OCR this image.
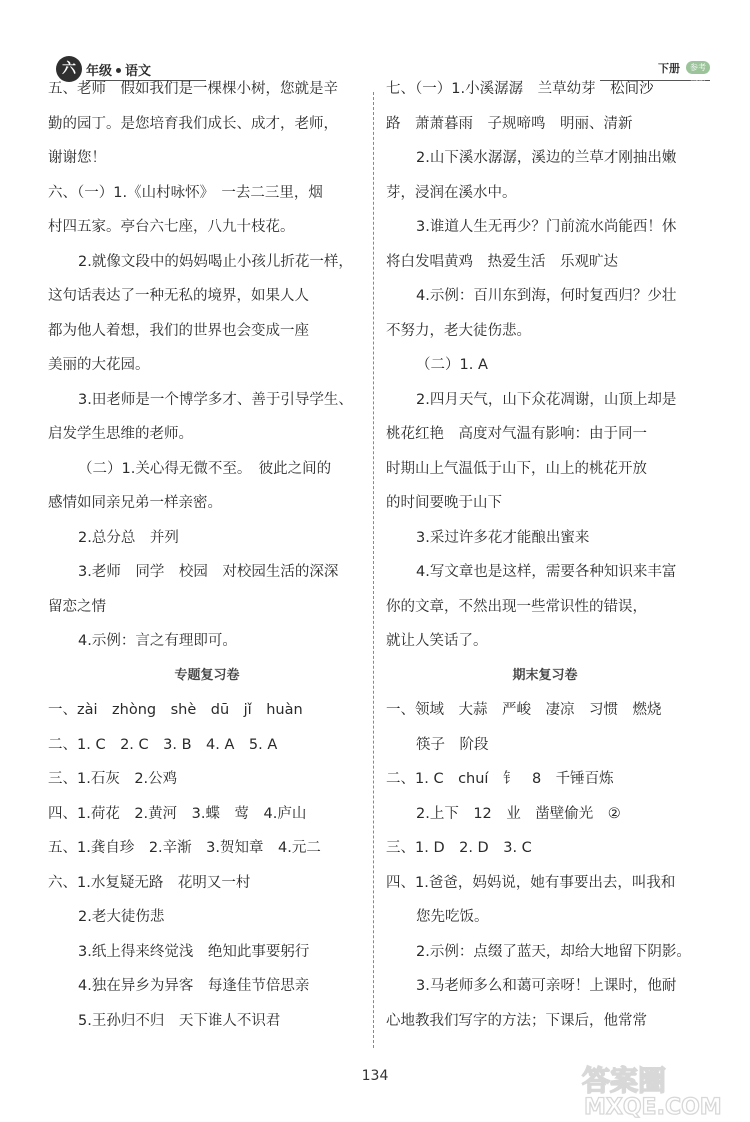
六 年级 语文	下册	参考答案
五、老师　假如我们是一棵棵小树，您就是辛
勤的园丁。是您培育我们成长、成才，老师，
谢谢您！
六、（一）1.《山村咏怀》　一去二三里，烟
村四五家。亭台六七座，八九十枝花。
2.就像文段中的妈妈喝止小孩儿折花一样，
这句话表达了一种无私的境界，如果人人
都为他人着想，我们的世界也会变成一座
美丽的大花园。
3.田老师是一个博学多才、善于引导学生、
启发学生思维的老师。
（二）1.关心得无微不至。　彼此之间的
感情如同亲兄弟一样亲密。
2.总分总　并列
3.老师　同学　校园　对校园生活的深深
留恋之情
4.示例：言之有理即可。
专题复习卷
一、zài　zhòng　shè　dū　jǐ　huàn
二、1. C　2. C　3. B　4. A　5. A
三、1.石灰　2.公鸡
四、1.荷花　2.黄河　3.蝶　莺　4.庐山
五、1.龚自珍　2.辛渐　3.贺知章　4.元二
六、1.水复疑无路　花明又一村
2.老大徒伤悲
3.纸上得来终觉浅　绝知此事要躬行
4.独在异乡为异客　每逢佳节倍思亲
5.王孙归不归　天下谁人不识君
七、（一）1.小溪潺潺　兰草幼芽　松间沙
路　萧萧暮雨　子规啼鸣　明丽、清新
2.山下溪水潺潺，溪边的兰草才刚抽出嫩
芽，浸润在溪水中。
3.谁道人生无再少？门前流水尚能西！休
将白发唱黄鸡　热爱生活　乐观旷达
4.示例：百川东到海，何时复西归？少壮
不努力，老大徒伤悲。
（二）1. A
2.四月天气，山下众花凋谢，山顶上却是
桃花红艳　高度对气温有影响：由于同一
时期山上气温低于山下，山上的桃花开放
的时间要晚于山下
3.采过许多花才能酿出蜜来
4.写文章也是这样，需要各种知识来丰富
你的文章，不然出现一些常识性的错误，
就让人笑话了。
期末复习卷
一、领域　大蒜　严峻　凄凉　习惯　燃烧
筷子　阶段
二、1. C　chuí　钅　8　千锤百炼
2.上下　12　业　凿壁偷光　②
三、1. D　2. D　3. C
四、1.爸爸，妈妈说，她有事要出去，叫我和
您先吃饭。
2.示例：点缀了蓝天，却给大地留下阴影。
3.马老师多么和蔼可亲呀！上课时，他耐
心地教我们写字的方法；下课后，他常常
134	答案圈
MXQE.COM
